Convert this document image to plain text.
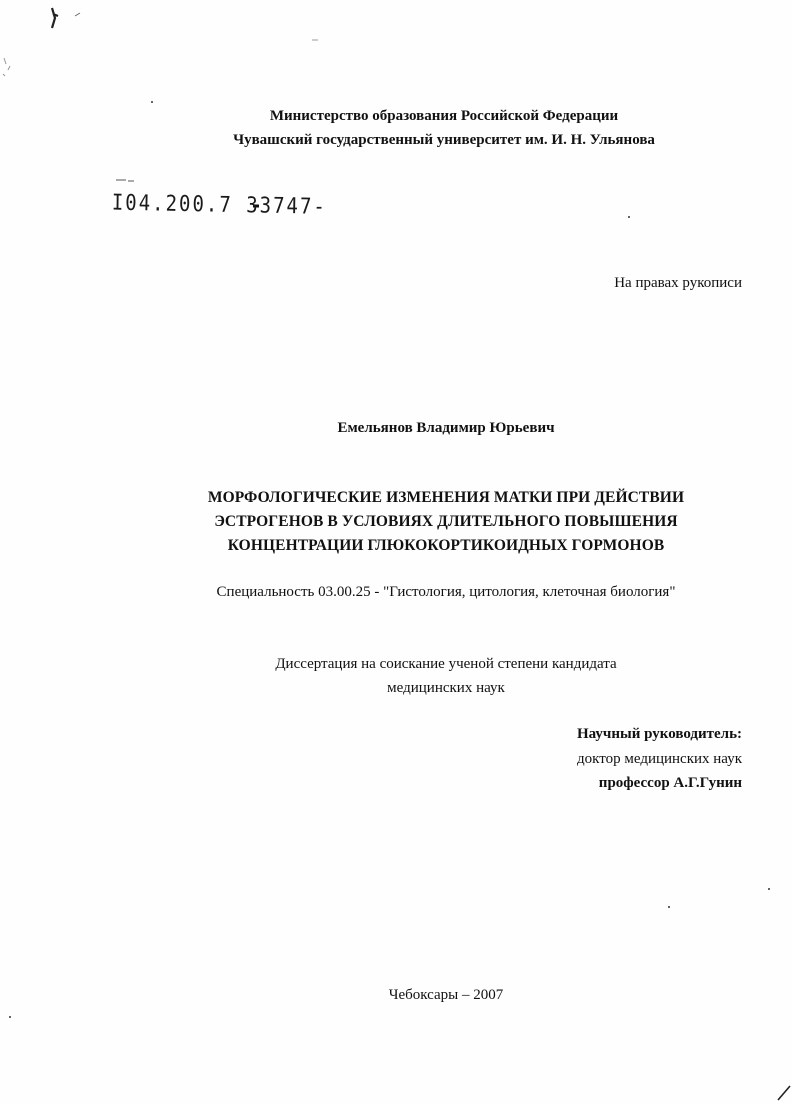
Министерство образования Российской Федерации
Чувашский государственный университет им. И. Н. Ульянова
I04.200.7 33747-
На правах рукописи
Емельянов Владимир Юрьевич
МОРФОЛОГИЧЕСКИЕ ИЗМЕНЕНИЯ МАТКИ ПРИ ДЕЙСТВИИ
ЭСТРОГЕНОВ В УСЛОВИЯХ ДЛИТЕЛЬНОГО ПОВЫШЕНИЯ
КОНЦЕНТРАЦИИ ГЛЮКОКОРТИКОИДНЫХ ГОРМОНОВ
Специальность 03.00.25 - "Гистология, цитология, клеточная биология"
Диссертация на соискание ученой степени кандидата
медицинских наук
Научный руководитель:
доктор медицинских наук
профессор А.Г.Гунин
Чебоксары – 2007
